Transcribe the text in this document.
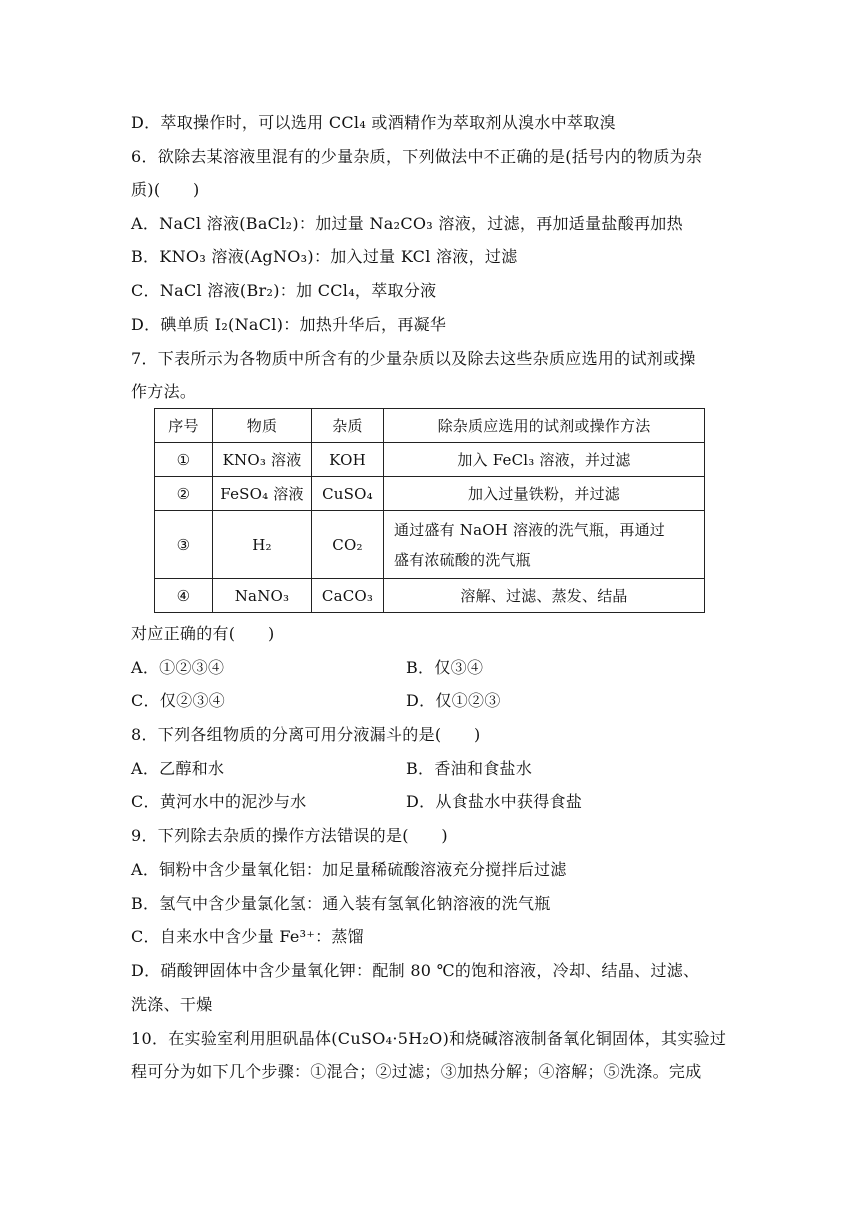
D．萃取操作时，可以选用 CCl₄ 或酒精作为萃取剂从溴水中萃取溴
6．欲除去某溶液里混有的少量杂质，下列做法中不正确的是(括号内的物质为杂
质)(　　)
A．NaCl 溶液(BaCl₂)：加过量 Na₂CO₃ 溶液，过滤，再加适量盐酸再加热
B．KNO₃ 溶液(AgNO₃)：加入过量 KCl 溶液，过滤
C．NaCl 溶液(Br₂)：加 CCl₄，萃取分液
D．碘单质 I₂(NaCl)：加热升华后，再凝华
7．下表所示为各物质中所含有的少量杂质以及除去这些杂质应选用的试剂或操
作方法。
序号	物质	杂质	除杂质应选用的试剂或操作方法
①	KNO₃ 溶液	KOH	加入 FeCl₃ 溶液，并过滤
②	FeSO₄ 溶液	CuSO₄	加入过量铁粉，并过滤
③	H₂	CO₂	通过盛有 NaOH 溶液的洗气瓶，再通过
盛有浓硫酸的洗气瓶

④	NaNO₃	CaCO₃	溶解、过滤、蒸发、结晶
对应正确的有(　　)
A．①②③④	B．仅③④
C．仅②③④	D．仅①②③
8．下列各组物质的分离可用分液漏斗的是(　　)
A．乙醇和水	B．香油和食盐水
C．黄河水中的泥沙与水	D．从食盐水中获得食盐
9．下列除去杂质的操作方法错误的是(　　)
A．铜粉中含少量氧化铝：加足量稀硫酸溶液充分搅拌后过滤
B．氢气中含少量氯化氢：通入装有氢氧化钠溶液的洗气瓶
C．自来水中含少量 Fe³⁺：蒸馏
D．硝酸钾固体中含少量氧化钾：配制 80 ℃的饱和溶液，冷却、结晶、过滤、
洗涤、干燥
10．在实验室利用胆矾晶体(CuSO₄·5H₂O)和烧碱溶液制备氧化铜固体，其实验过
程可分为如下几个步骤：①混合；②过滤；③加热分解；④溶解；⑤洗涤。完成
